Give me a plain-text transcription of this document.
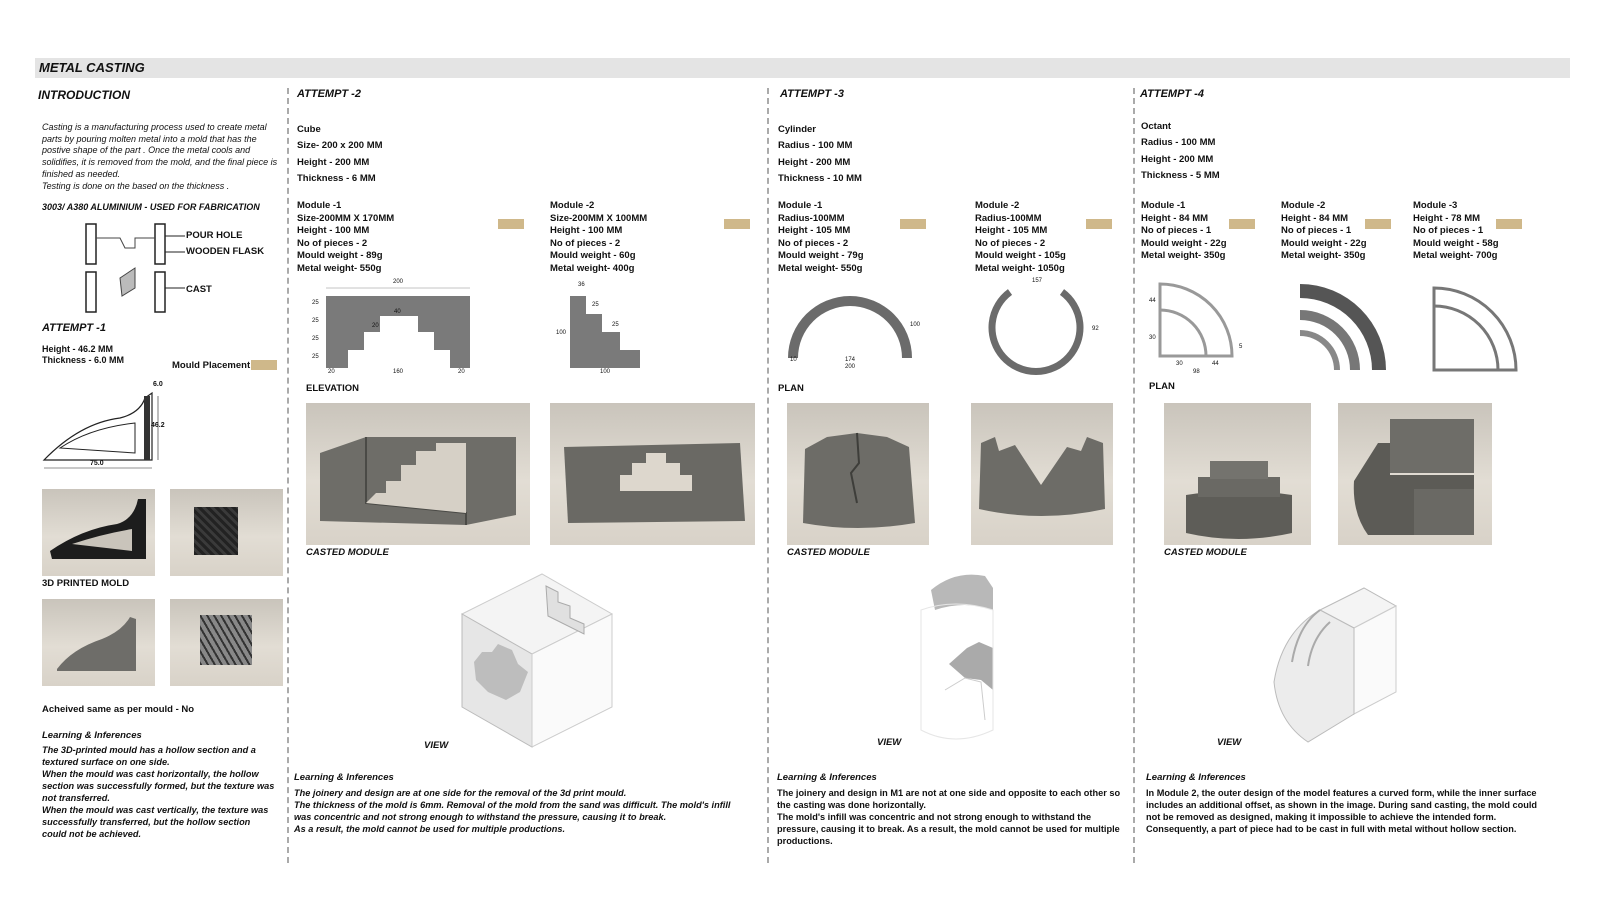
METAL CASTING
INTRODUCTION
Casting is a manufacturing process used to create metal parts by pouring molten metal into a mold that has the postive shape of the part . Once the metal cools and solidifies, it is removed from the mold, and the final piece is finished as needed.
Testing is done on the based on the thickness .
3003/ A380 ALUMINIUM - USED FOR FABRICATION
POUR HOLE
WOODEN FLASK
CAST
ATTEMPT -1
Height - 46.2 MM
Thickness - 6.0 MM	Mould Placement
6.0
46.2
75.0
3D PRINTED MOLD
Acheived same as per mould - No
Learning & Inferences
The 3D-printed mould has a hollow section and a textured surface on one side.
When the mould was cast horizontally, the hollow section was successfully formed, but the texture was not transferred.
When the mould was cast vertically, the texture was successfully transferred, but the hollow section could not be achieved.
ATTEMPT -2
Cube
Size- 200 x 200 MM
Height - 200 MM
Thickness - 6 MM
Module -1
Size-200MM X 170MM
Height - 100 MM
No of pieces - 2
Mould weight - 89g
Metal weight- 550g
Module -2
Size-200MM X 100MM
Height - 100 MM
No of pieces - 2
Mould weight - 60g
Metal weight- 400g
200
40
20
25
25
25
25
20	160	20
36
25
25
100
100
ELEVATION
CASTED MODULE
VIEW
Learning & Inferences
The joinery and design are at one side for the removal of the 3d print mould.
The thickness of the mold is 6mm. Removal of the mold from the sand was difficult. The mold's infill was concentric and not strong enough to withstand the pressure, causing it to break.
As a result, the mold cannot be used for multiple productions.
ATTEMPT -3
Cylinder
Radius - 100 MM
Height - 200 MM
Thickness - 10 MM
Module -1
Radius-100MM
Height - 105 MM
No of pieces - 2
Mould weight - 79g
Metal weight- 550g
Module -2
Radius-100MM
Height - 105 MM
No of pieces - 2
Mould weight - 105g
Metal weight- 1050g
10	174
200
100
157
92
PLAN
CASTED MODULE
VIEW
Learning & Inferences
The joinery and design in M1 are not at one side and opposite to each other so the casting was done horizontally.
The mold's infill was concentric and not strong enough to withstand the pressure, causing it to break. As a result, the mold cannot be used for multiple productions.
ATTEMPT -4
Octant
Radius - 100 MM
Height - 200 MM
Thickness - 5 MM
Module -1
Height - 84 MM
No of pieces - 1
Mould weight - 22g
Metal weight- 350g
Module -2
Height - 84 MM
No of pieces - 1
Mould weight - 22g
Metal weight- 350g
Module -3
Height - 78 MM
No of pieces - 1
Mould weight - 58g
Metal weight- 700g
44
30
30	44
98
5
PLAN
CASTED MODULE
VIEW
Learning & Inferences
In Module 2, the outer design of the model features a curved form, while the inner surface includes an additional offset, as shown in the image. During sand casting, the mold could not be removed as designed, making it impossible to achieve the intended form.
Consequently, a part of piece had to be cast in full with metal without hollow section.
